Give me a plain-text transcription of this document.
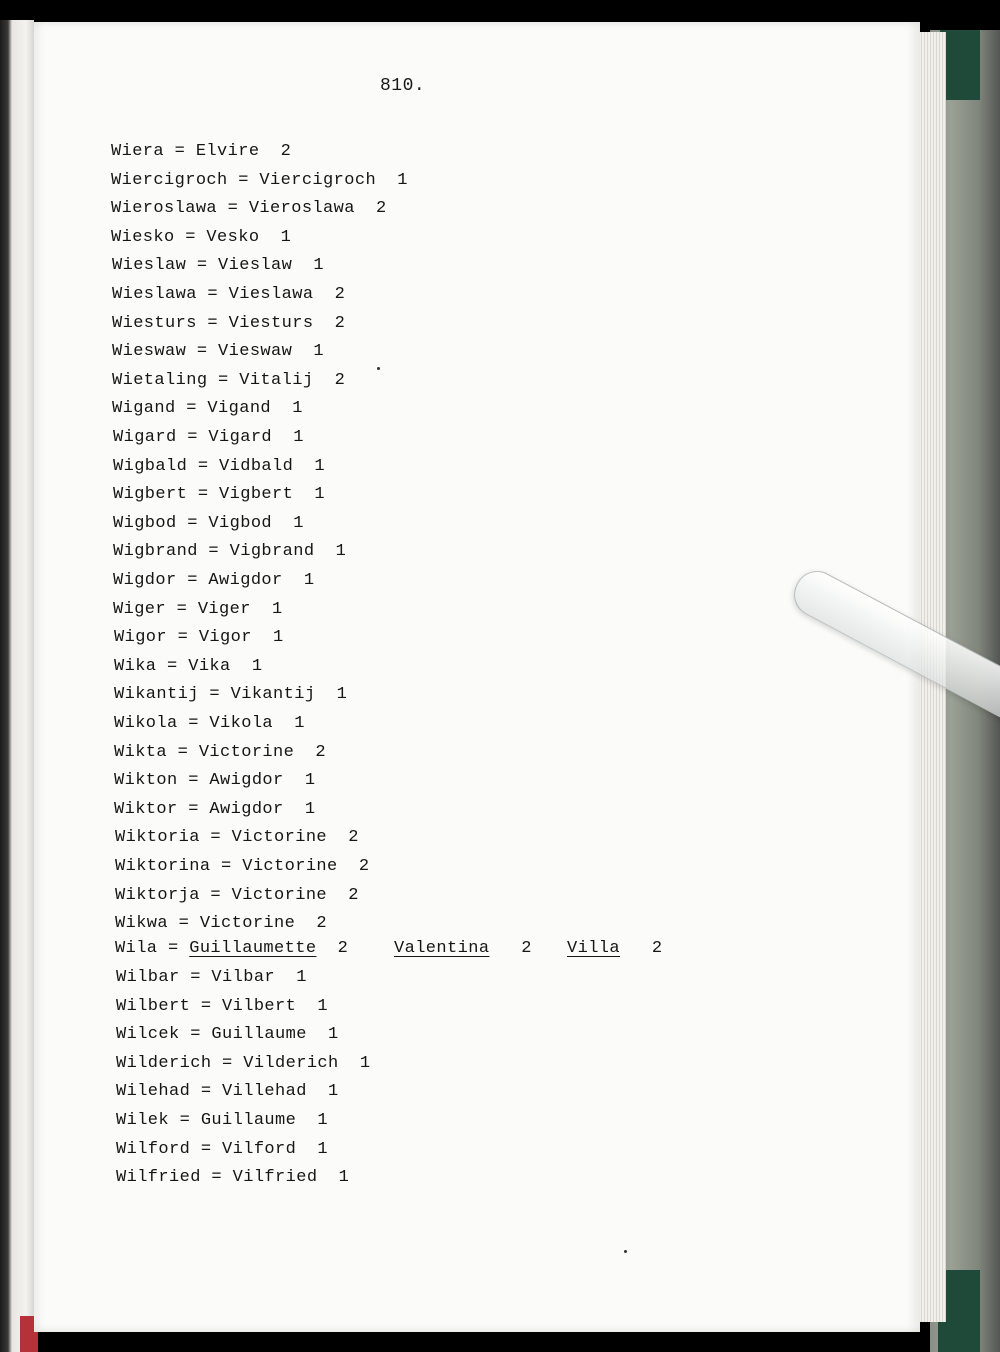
810.
Wiera = Elvire  2
Wiercigroch = Viercigroch  1
Wieroslawa = Vieroslawa  2
Wiesko = Vesko  1
Wieslaw = Vieslaw  1
Wieslawa = Vieslawa  2
Wiesturs = Viesturs  2
Wieswaw = Vieswaw  1
Wietaling = Vitalij  2
Wigand = Vigand  1
Wigard = Vigard  1
Wigbald = Vidbald  1
Wigbert = Vigbert  1
Wigbod = Vigbod  1
Wigbrand = Vigbrand  1
Wigdor = Awigdor  1
Wiger = Viger  1
Wigor = Vigor  1
Wika = Vika  1
Wikantij = Vikantij  1
Wikola = Vikola  1
Wikta = Victorine  2
Wikton = Awigdor  1
Wiktor = Awigdor  1
Wiktoria = Victorine  2
Wiktorina = Victorine  2
Wiktorja = Victorine  2
Wikwa = Victorine  2
Wilbar = Vilbar  1
Wilbert = Vilbert  1
Wilcek = Guillaume  1
Wilderich = Vilderich  1
Wilehad = Villehad  1
Wilek = Guillaume  1
Wilford = Vilford  1
Wilfried = Vilfried  1
Wila = Guillaumette  2	Valentina 2 Villa 2
